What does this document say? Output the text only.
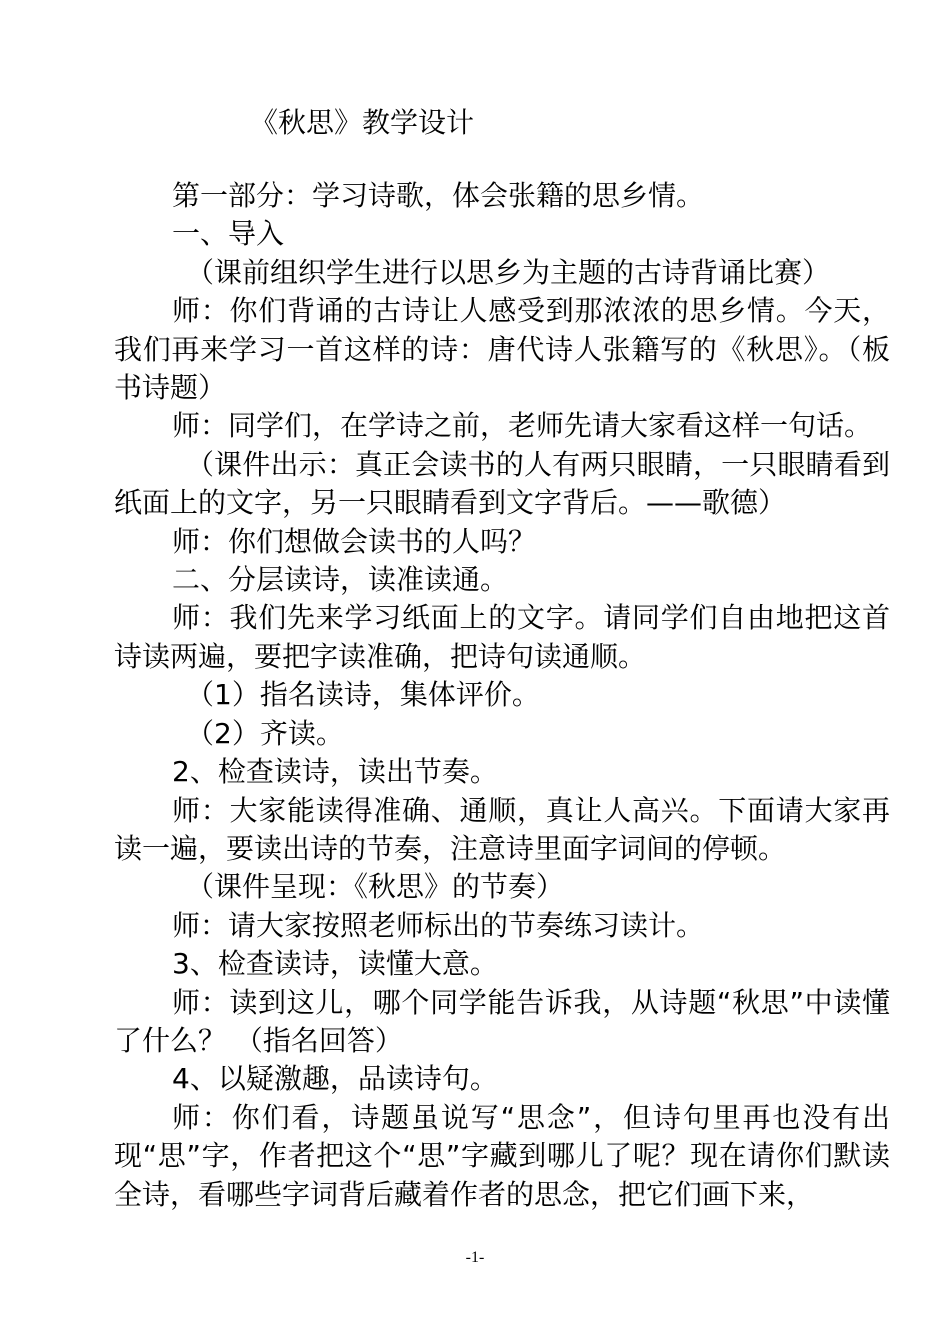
《秋思》教学设计

第一部分：学习诗歌，体会张籍的思乡情。

一、导入

（课前组织学生进行以思乡为主题的古诗背诵比赛）

师：你们背诵的古诗让人感受到那浓浓的思乡情。今天，我们再来学习一首这样的诗：唐代诗人张籍写的《秋思》。（板书诗题）

师：同学们，在学诗之前，老师先请大家看这样一句话。

（课件出示：真正会读书的人有两只眼睛，一只眼睛看到纸面上的文字，另一只眼睛看到文字背后。——歌德）

师：你们想做会读书的人吗？

二、分层读诗，读准读通。

师：我们先来学习纸面上的文字。请同学们自由地把这首诗读两遍，要把字读准确，把诗句读通顺。

（1）指名读诗，集体评价。

（2）齐读。

2、检查读诗，读出节奏。

师：大家能读得准确、通顺，真让人高兴。下面请大家再读一遍，要读出诗的节奏，注意诗里面字词间的停顿。

（课件呈现：《秋思》的节奏）

师：请大家按照老师标出的节奏练习读计。

3、检查读诗，读懂大意。

师：读到这儿，哪个同学能告诉我，从诗题“秋思”中读懂了什么？ （指名回答）

4、以疑激趣，品读诗句。

师：你们看，诗题虽说写“思念”，但诗句里再也没有出现“思”字，作者把这个“思”字藏到哪儿了呢？现在请你们默读全诗，看哪些字词背后藏着作者的思念，把它们画下来，

-1-
